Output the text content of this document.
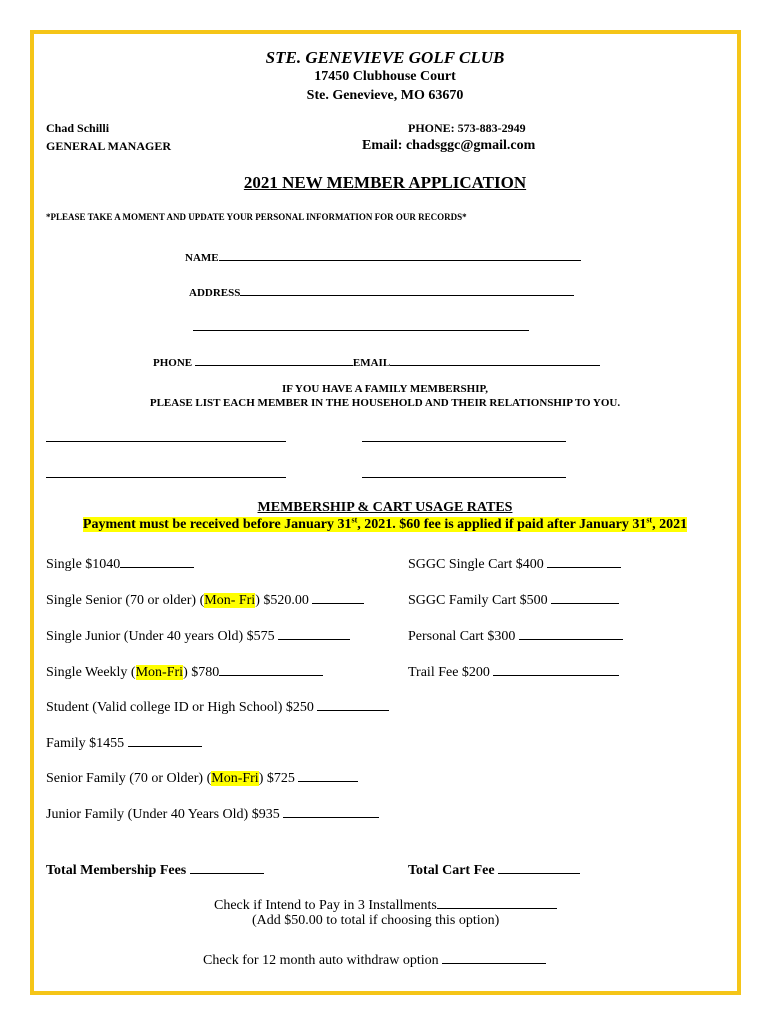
STE. GENEVIEVE GOLF CLUB
17450 Clubhouse Court
Ste. Genevieve, MO 63670
Chad Schilli
GENERAL MANAGER
PHONE: 573-883-2949
Email: chadsggc@gmail.com
2021 NEW MEMBER APPLICATION
*PLEASE TAKE A MOMENT AND UPDATE YOUR PERSONAL INFORMATION FOR OUR RECORDS*
NAME
ADDRESS
PHONE	EMAIL
IF YOU HAVE A FAMILY MEMBERSHIP,
PLEASE LIST EACH MEMBER IN THE HOUSEHOLD AND THEIR RELATIONSHIP TO YOU.
MEMBERSHIP & CART USAGE RATES
Payment must be received before January 31st, 2021. $60 fee is applied if paid after January 31st, 2021
Single $1040
Single Senior (70 or older) (Mon- Fri) $520.00
Single Junior (Under 40 years Old) $575
Single Weekly (Mon-Fri) $780
Student (Valid college ID or High School) $250
Family $1455
Senior Family (70 or Older) (Mon-Fri) $725
Junior Family (Under 40 Years Old) $935
SGGC Single Cart $400
SGGC Family Cart $500
Personal Cart $300
Trail Fee $200
Total Membership Fees	Total Cart Fee
Check if Intend to Pay in 3 Installments
(Add $50.00 to total if choosing this option)
Check for 12 month auto withdraw option
